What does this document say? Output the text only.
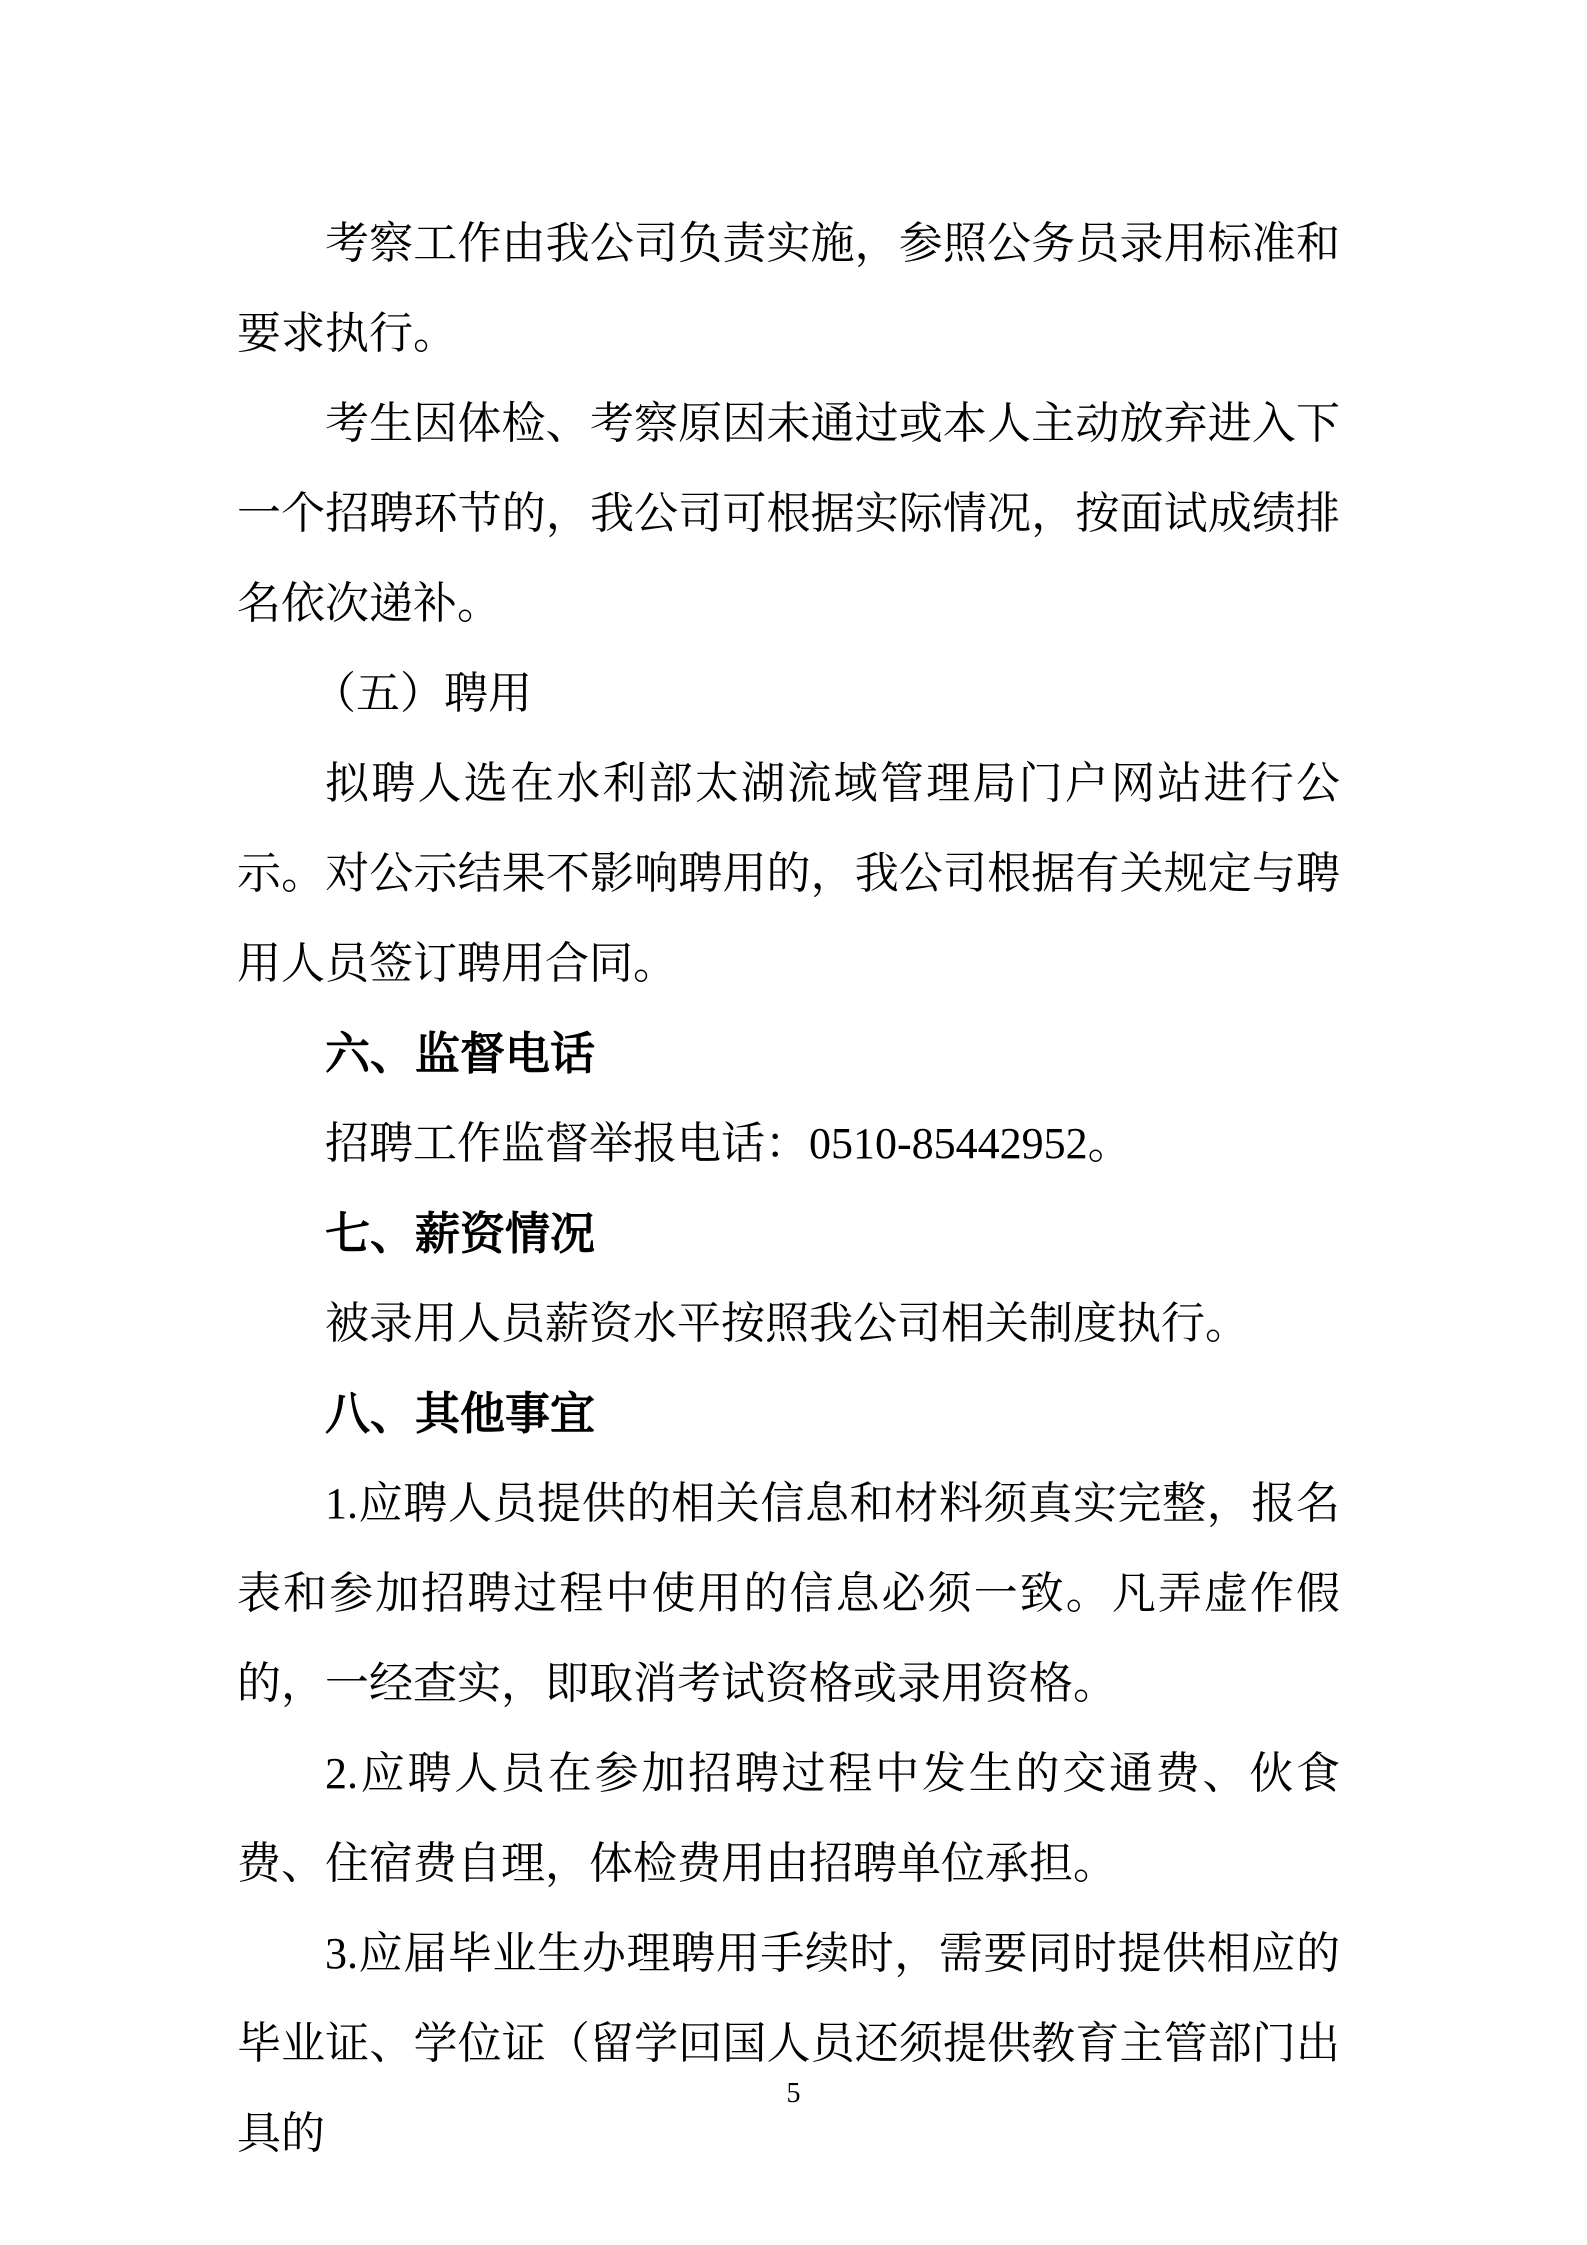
考察工作由我公司负责实施，参照公务员录用标准和要求执行。

考生因体检、考察原因未通过或本人主动放弃进入下一个招聘环节的，我公司可根据实际情况，按面试成绩排名依次递补。

（五）聘用

拟聘人选在水利部太湖流域管理局门户网站进行公示。对公示结果不影响聘用的，我公司根据有关规定与聘用人员签订聘用合同。

六、监督电话

招聘工作监督举报电话：0510-85442952。

七、薪资情况

被录用人员薪资水平按照我公司相关制度执行。

八、其他事宜

1.应聘人员提供的相关信息和材料须真实完整，报名表和参加招聘过程中使用的信息必须一致。凡弄虚作假的，一经查实，即取消考试资格或录用资格。

2.应聘人员在参加招聘过程中发生的交通费、伙食费、住宿费自理，体检费用由招聘单位承担。

3.应届毕业生办理聘用手续时，需要同时提供相应的毕业证、学位证（留学回国人员还须提供教育主管部门出具的

5
